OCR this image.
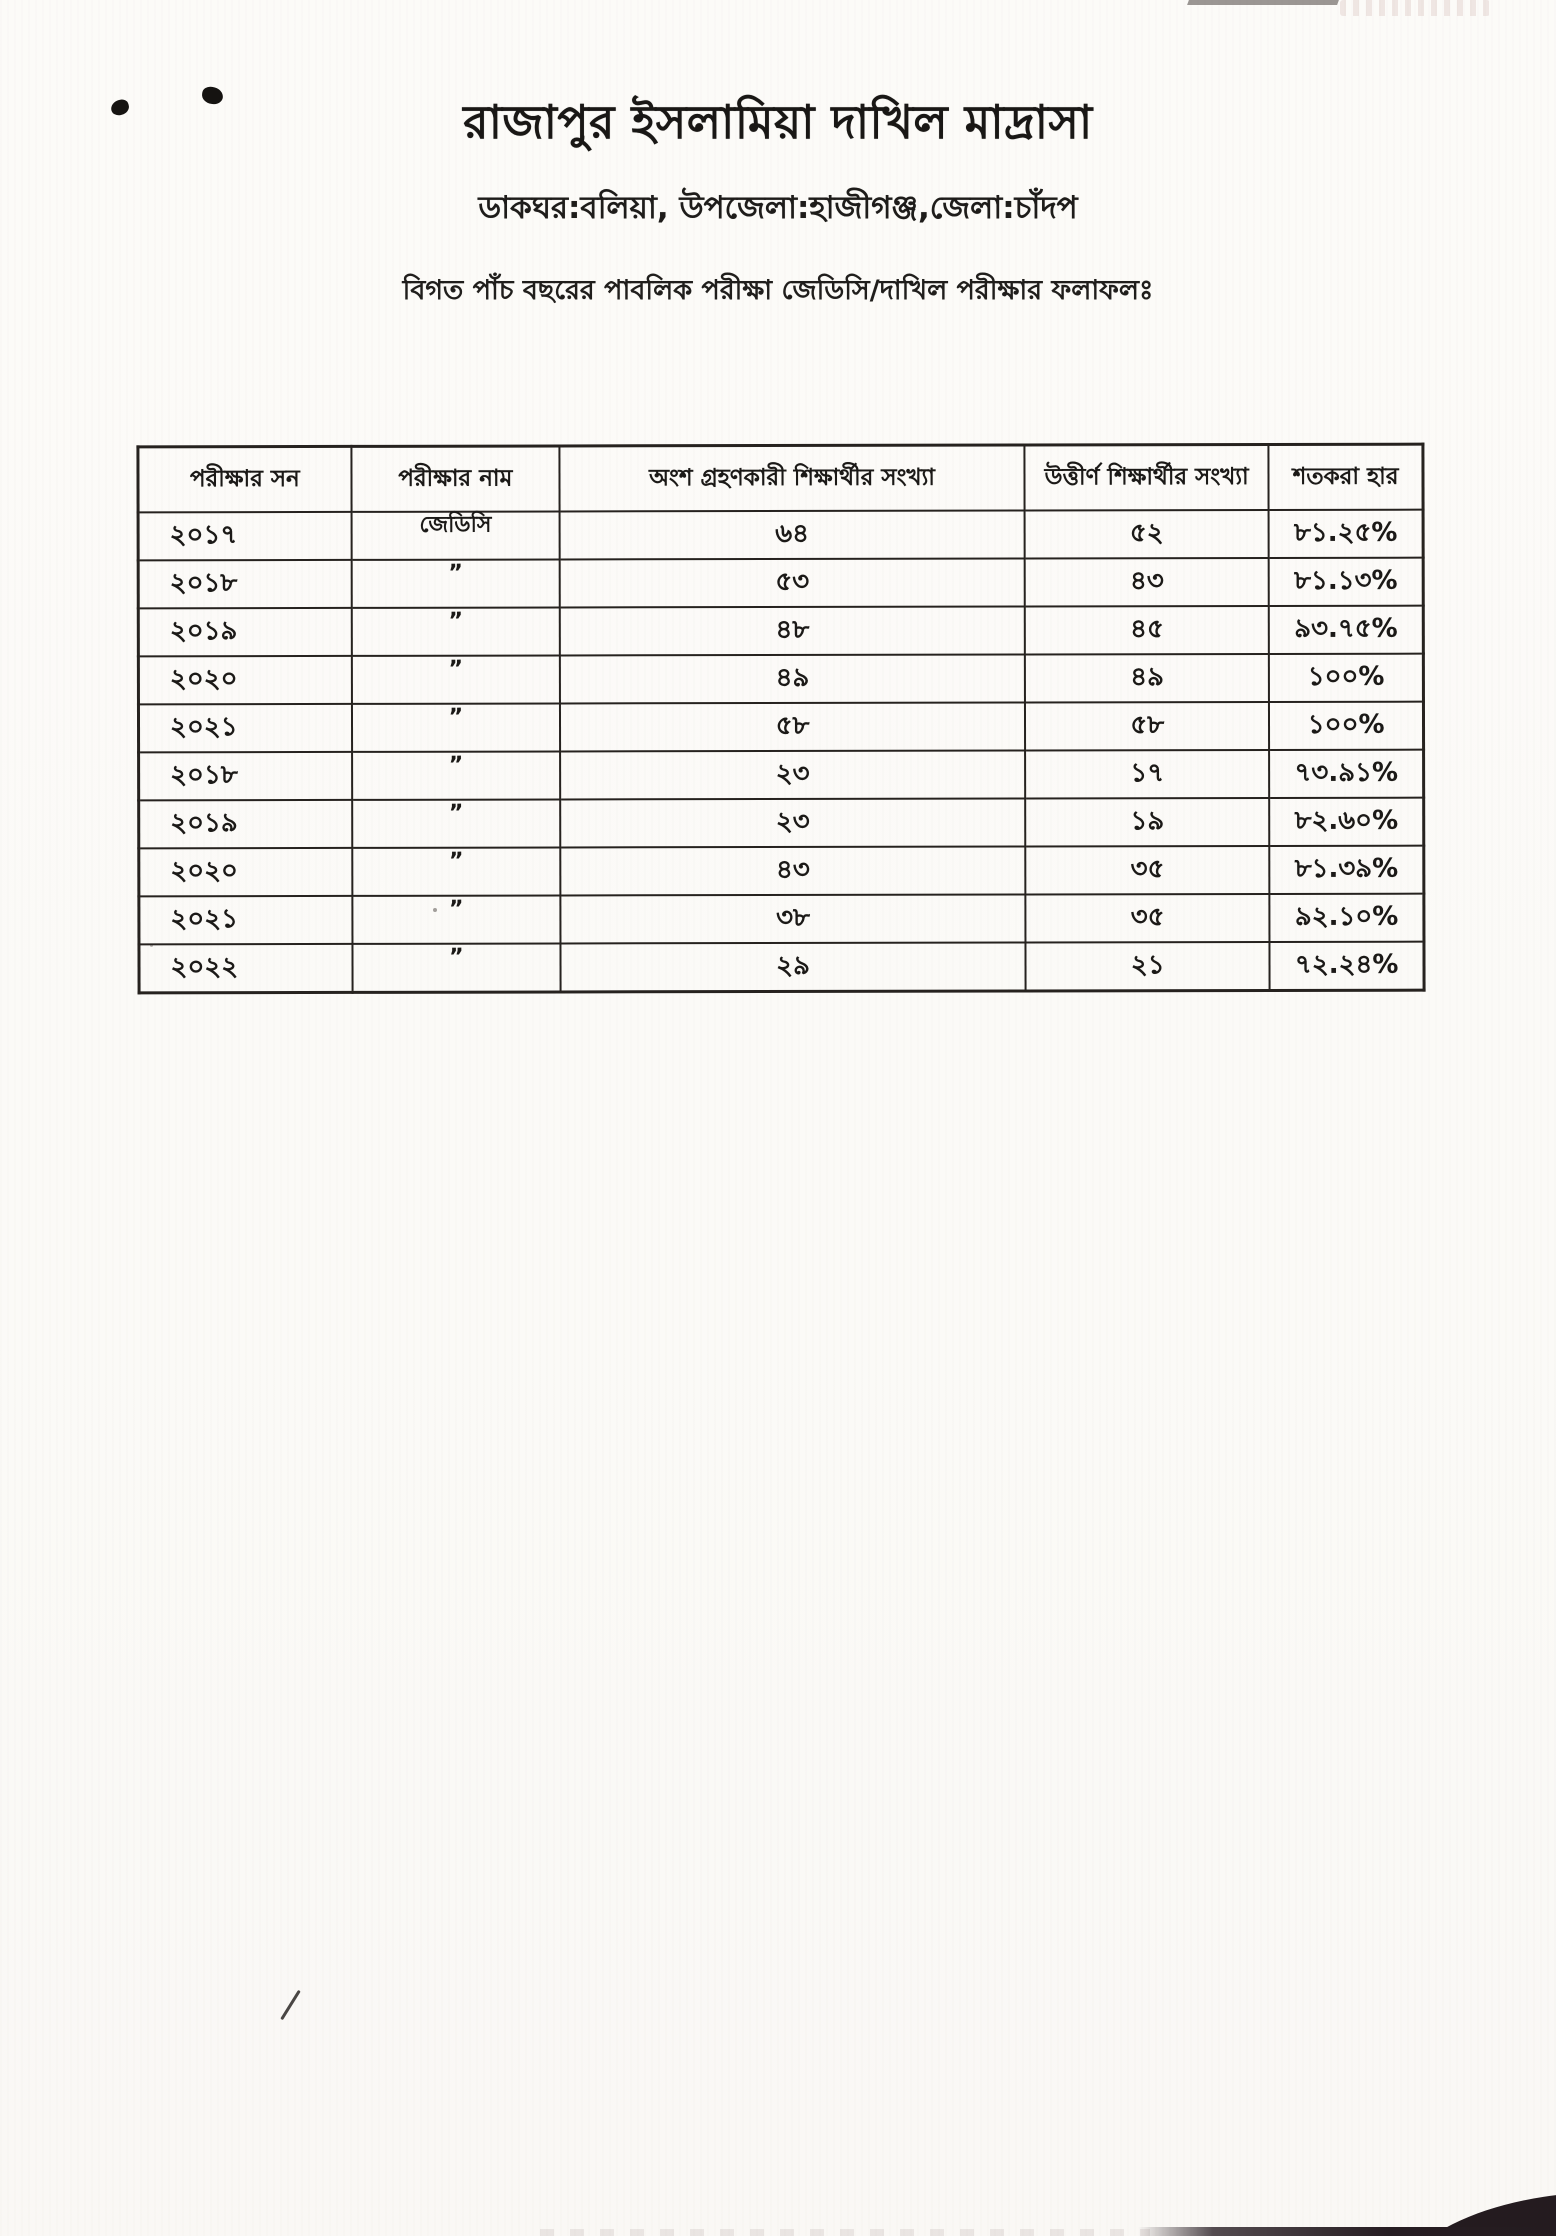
রাজাপুর ইসলামিয়া দাখিল মাদ্রাসা
ডাকঘর:বলিয়া, উপজেলা:হাজীগঞ্জ,জেলা:চাঁদপ
বিগত পাঁচ বছরের পাবলিক পরীক্ষা জেডিসি/দাখিল পরীক্ষার ফলাফলঃ
পরীক্ষার সন	পরীক্ষার নাম	অংশ গ্রহণকারী শিক্ষার্থীর সংখ্যা	উত্তীর্ণ শিক্ষার্থীর সংখ্যা	শতকরা হার
২০১৭	জেডিসি	৬৪	৫২	৮১.২৫%
২০১৮	”	৫৩	৪৩	৮১.১৩%
২০১৯	”	৪৮	৪৫	৯৩.৭৫%
২০২০	”	৪৯	৪৯	১০০%
২০২১	”	৫৮	৫৮	১০০%
২০১৮	”	২৩	১৭	৭৩.৯১%
২০১৯	”	২৩	১৯	৮২.৬০%
২০২০	”	৪৩	৩৫	৮১.৩৯%
২০২১	”	৩৮	৩৫	৯২.১০%
২০২২	”	২৯	২১	৭২.২৪%
